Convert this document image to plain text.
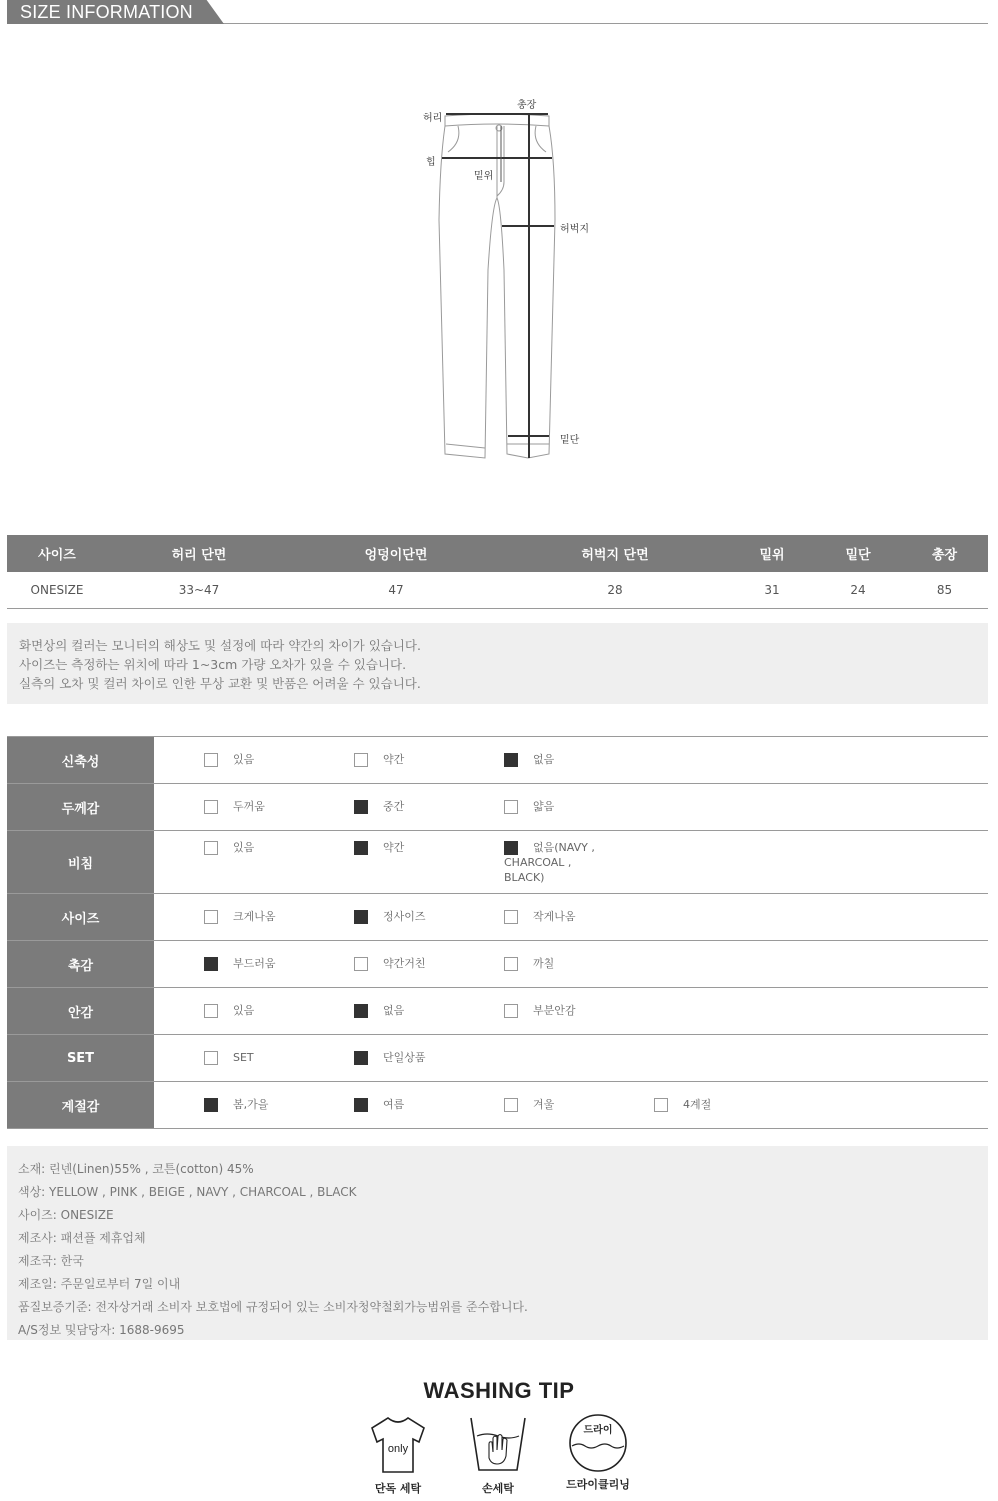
SIZE INFORMATION
허리
총장
힙
밑위
허벅지
밑단
사이즈	허리 단면	엉덩이단면	허벅지 단면	밑위	밑단	총장
ONESIZE	33~47	47	28	31	24	85
화면상의 컬러는 모니터의 해상도 및 설정에 따라 약간의 차이가 있습니다.
사이즈는 측정하는 위치에 따라 1~3cm 가량 오차가 있을 수 있습니다.
실측의 오차 및 컬러 차이로 인한 무상 교환 및 반품은 어려울 수 있습니다.
신축성	있음	약간	없음
두께감	두꺼움	중간	얇음
비침
있음	약간	없음(NAVY ,
CHARCOAL ,
BLACK)
사이즈	크게나옴	정사이즈	작게나옴
촉감	부드러움	약간거친	까칠
안감	있음	없음	부분안감
SET	SET	단일상품
계절감	봄,가을	여름	겨울	4계절
소재: 린넨(Linen)55% , 코튼(cotton) 45%
색상: YELLOW , PINK , BEIGE , NAVY , CHARCOAL , BLACK
사이즈: ONESIZE
제조사: 패션플 제휴업체
제조국: 한국
제조일: 주문일로부터 7일 이내
품질보증기준: 전자상거래 소비자 보호법에 규정되어 있는 소비자청약철회가능범위를 준수합니다.
A/S정보 및담당자: 1688-9695
WASHING TIP
only
단독 세탁	손세탁
드라이
드라이클리닝
